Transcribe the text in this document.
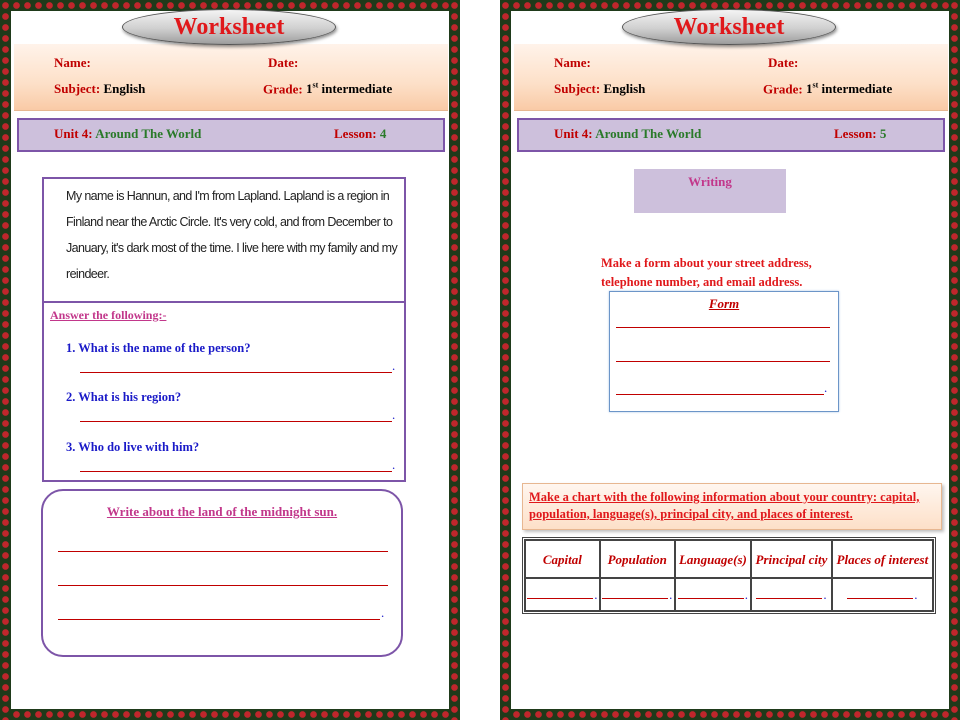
Name:	Date:
Subject: English	Grade: 1st intermediate
Worksheet
Unit 4: Around The World	Lesson: 4
My name is Hannun, and I'm from Lapland. Lapland is a region in Finland near the Arctic Circle. It's very cold, and from December to January, it's dark most of the time. I live here with my family and my reindeer.
Answer the following:-
1. What is the name of the person?
.
2. What is his region?
.
3. Who do live with him?
.
Write about the land of the midnight sun.
.
Name:	Date:
Subject: English	Grade: 1st intermediate
Worksheet
Unit 4: Around The World	Lesson: 5
Writing
Make a form about your street address,
telephone number, and email address.
Form
.
Make a chart with the following information about your country: capital, population, language(s), principal city, and places of interest.
Capital	Population	Language(s)	Principal city	Places of interest
.	.	.	.	.
